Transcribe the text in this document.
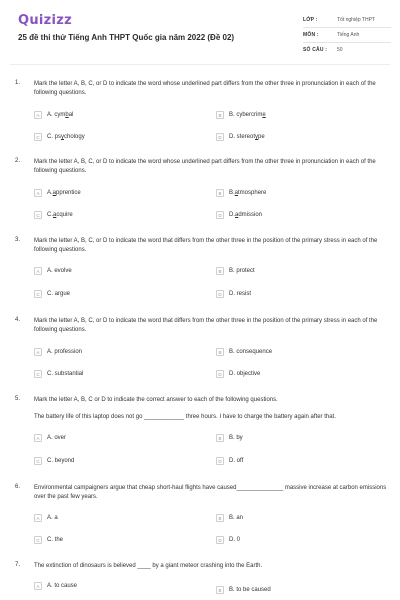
Quizizz
25 đề thi thử Tiếng Anh THPT Quốc gia năm 2022 (Đề 02)
LỚP :	Tốt nghiệp THPT
MÔN :	Tiếng Anh
SỐ CÂU :	50
1. Mark the letter A, B, C, or D to indicate the word whose underlined part differs from the other three in pronunciation in each of the following questions.
A	A. cym b al	B	B. cybercrim e
C	C. ps y chology	D	D. stereot y pe
2. Mark the letter A, B, C, or D to indicate the word whose underlined part differs from the other three in pronunciation in each of the following questions.
A	A. a pprentice	B	B. a tmosphere
C	C. a cquire	D	D. a dmission
3. Mark the letter A, B, C, or D to indicate the word that differs from the other three in the position of the primary stress in each of the following questions.
A	A. evolve	B	B. protect
C	C. argue	D	D. resist
4. Mark the letter A, B, C, or D to indicate the word that differs from the other three in the position of the primary stress in each of the following questions.
A	A. profession	B	B. consequence
C	C. substantial	D	D. objective
5. Mark the letter A, B, C or D to indicate the correct answer to each of the following questions.
The battery life of this laptop does not go ____________ three hours. I have to charge the battery again after that.
A	A. over	B	B. by
C	C. beyond	D	D. off
6. Environmental campaigners argue that cheap short-haul flights have caused______________ massive increase at carbon emissions over the past few years.
A	A. a	B	B. an
C	C. the	D	D. 0
7. The extinction of dinosaurs is believed ____ by a giant meteor crashing into the Earth.
A	A. to cause
B	B. to be caused
